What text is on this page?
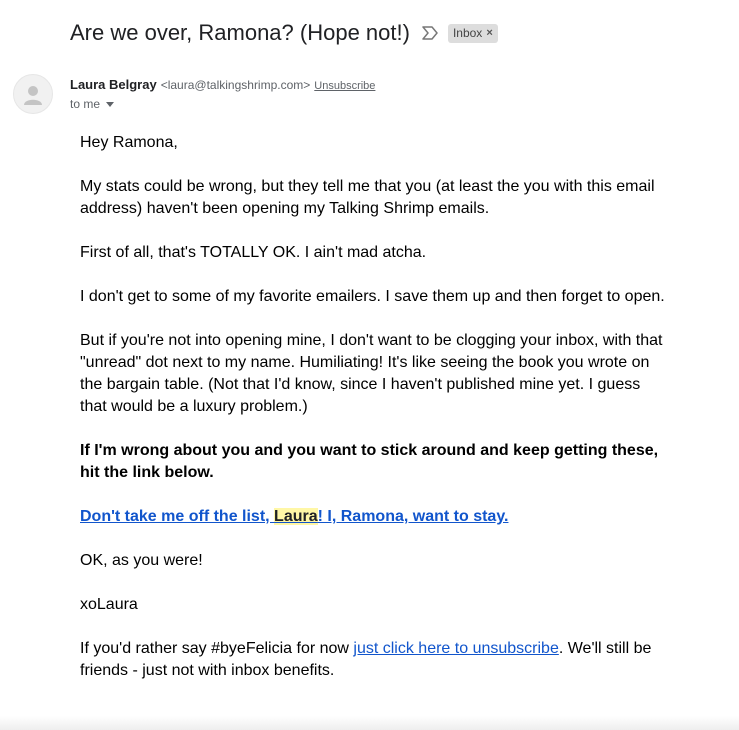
Are we over, Ramona? (Hope not!)	Inbox ×
Laura Belgray <laura@talkingshrimp.com> Unsubscribe
to me

Hey Ramona,

My stats could be wrong, but they tell me that you (at least the you with this email address) haven't been opening my Talking Shrimp emails.

First of all, that's TOTALLY OK. I ain't mad atcha.

I don't get to some of my favorite emailers. I save them up and then forget to open.

But if you're not into opening mine, I don't want to be clogging your inbox, with that "unread" dot next to my name. Humiliating! It's like seeing the book you wrote on the bargain table. (Not that I'd know, since I haven't published mine yet. I guess that would be a luxury problem.)

If I'm wrong about you and you want to stick around and keep getting these, hit the link below.

Don't take me off the list, Laura! I, Ramona, want to stay.

OK, as you were!

xoLaura

If you'd rather say #byeFelicia for now just click here to unsubscribe. We'll still be friends - just not with inbox benefits.
